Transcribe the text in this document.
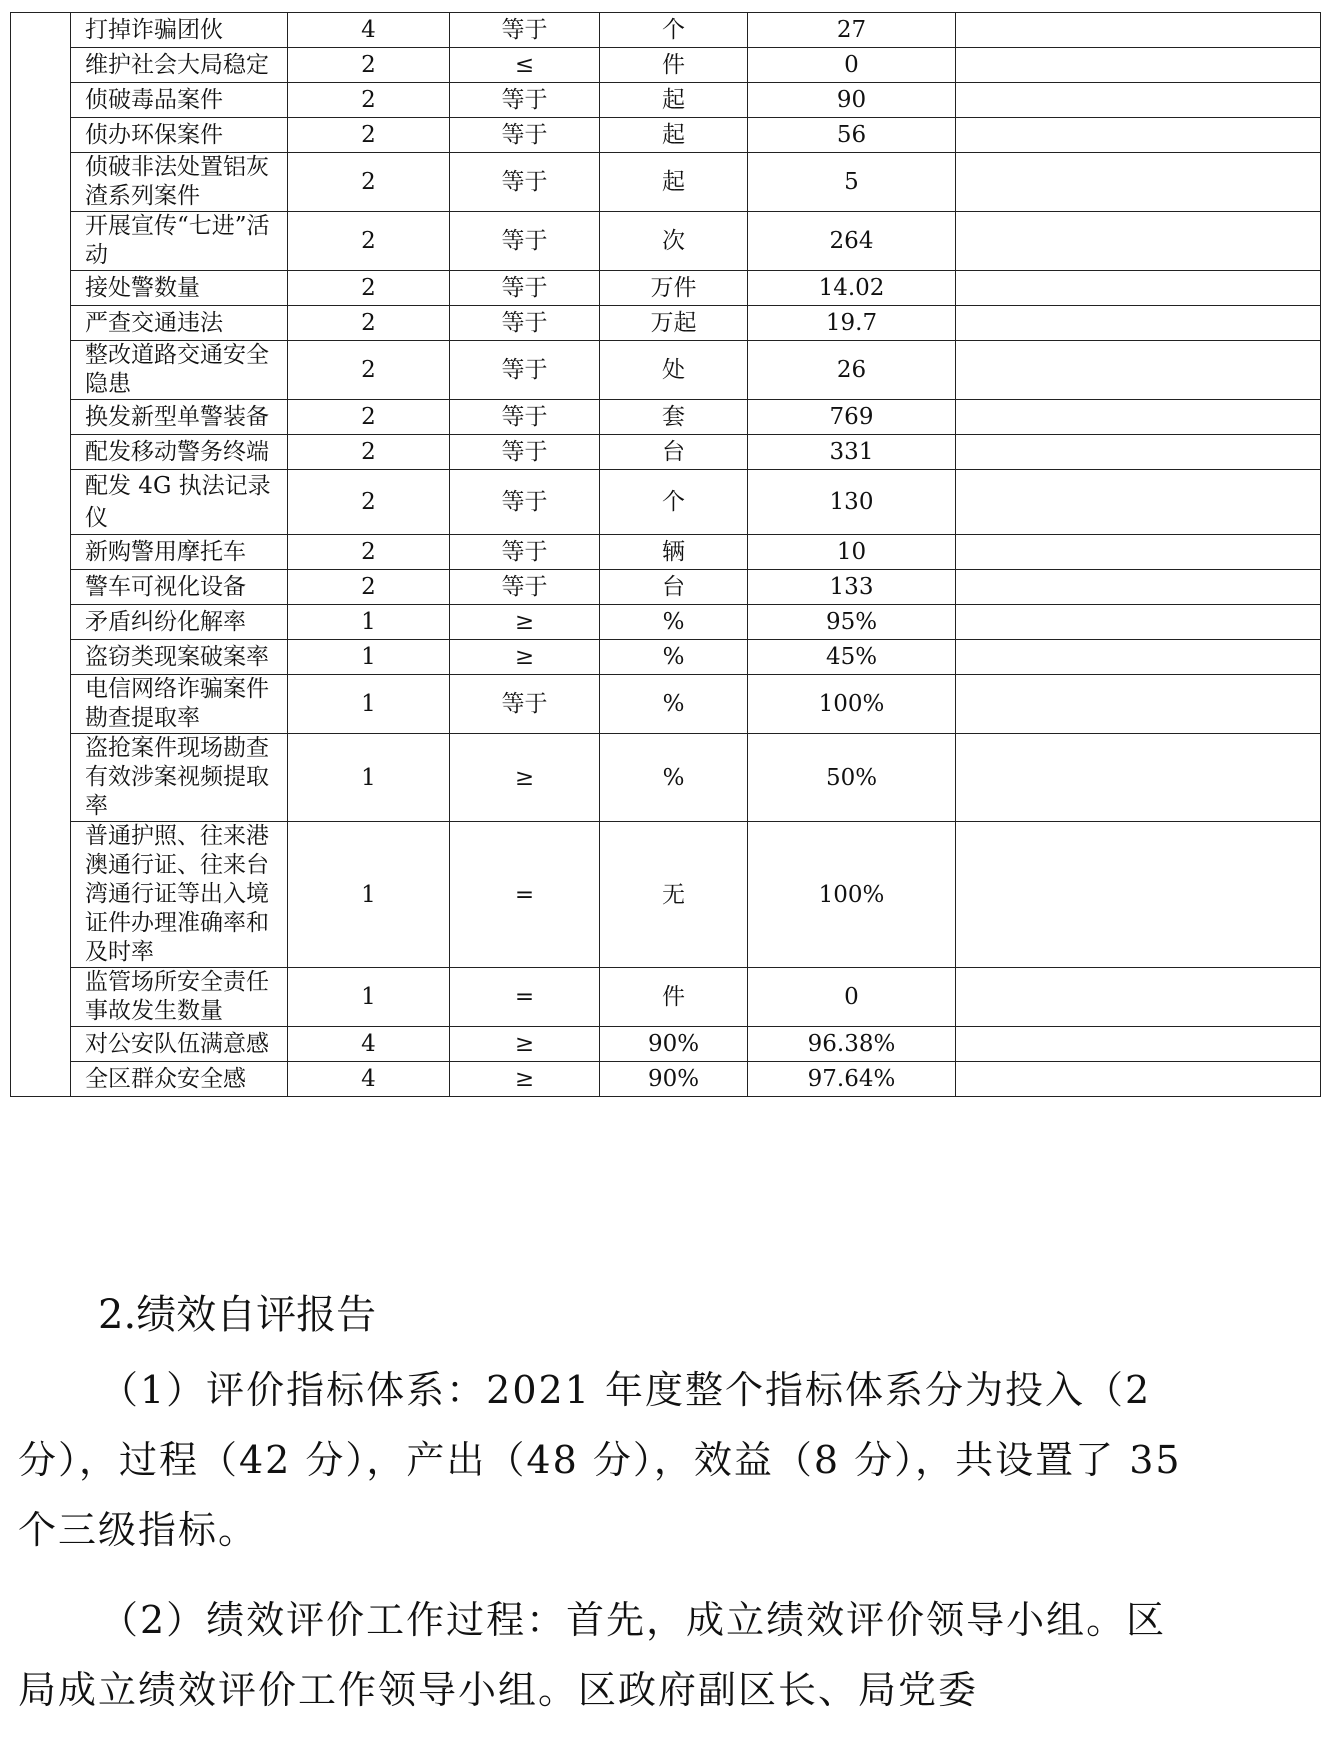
	打掉诈骗团伙	4	等于	个	27	
	维护社会大局稳定	2	≤	件	0	
	侦破毒品案件	2	等于	起	90	
	侦办环保案件	2	等于	起	56	
	侦破非法处置铝灰渣系列案件	2	等于	起	5	
	开展宣传“七进”活动	2	等于	次	264	
	接处警数量	2	等于	万件	14.02	
	严查交通违法	2	等于	万起	19.7	
	整改道路交通安全隐患	2	等于	处	26	
	换发新型单警装备	2	等于	套	769	
	配发移动警务终端	2	等于	台	331	
	配发 4G 执法记录仪	2	等于	个	130	
	新购警用摩托车	2	等于	辆	10	
	警车可视化设备	2	等于	台	133	
	矛盾纠纷化解率	1	≥	%	95%	
	盗窃类现案破案率	1	≥	%	45%	
	电信网络诈骗案件勘查提取率	1	等于	%	100%	
	盗抢案件现场勘查有效涉案视频提取率	1	≥	%	50%	
	普通护照、往来港澳通行证、往来台湾通行证等出入境证件办理准确率和及时率	1	=	无	100%	
	监管场所安全责任事故发生数量	1	=	件	0	
	对公安队伍满意感	4	≥	90%	96.38%	
	全区群众安全感	4	≥	90%	97.64%	
2.绩效自评报告
（1）评价指标体系：2021 年度整个指标体系分为投入（2 分），过程（42 分），产出（48 分），效益（8 分），共设置了 35 个三级指标。
（2）绩效评价工作过程：首先，成立绩效评价领导小组。区局成立绩效评价工作领导小组。区政府副区长、局党委
